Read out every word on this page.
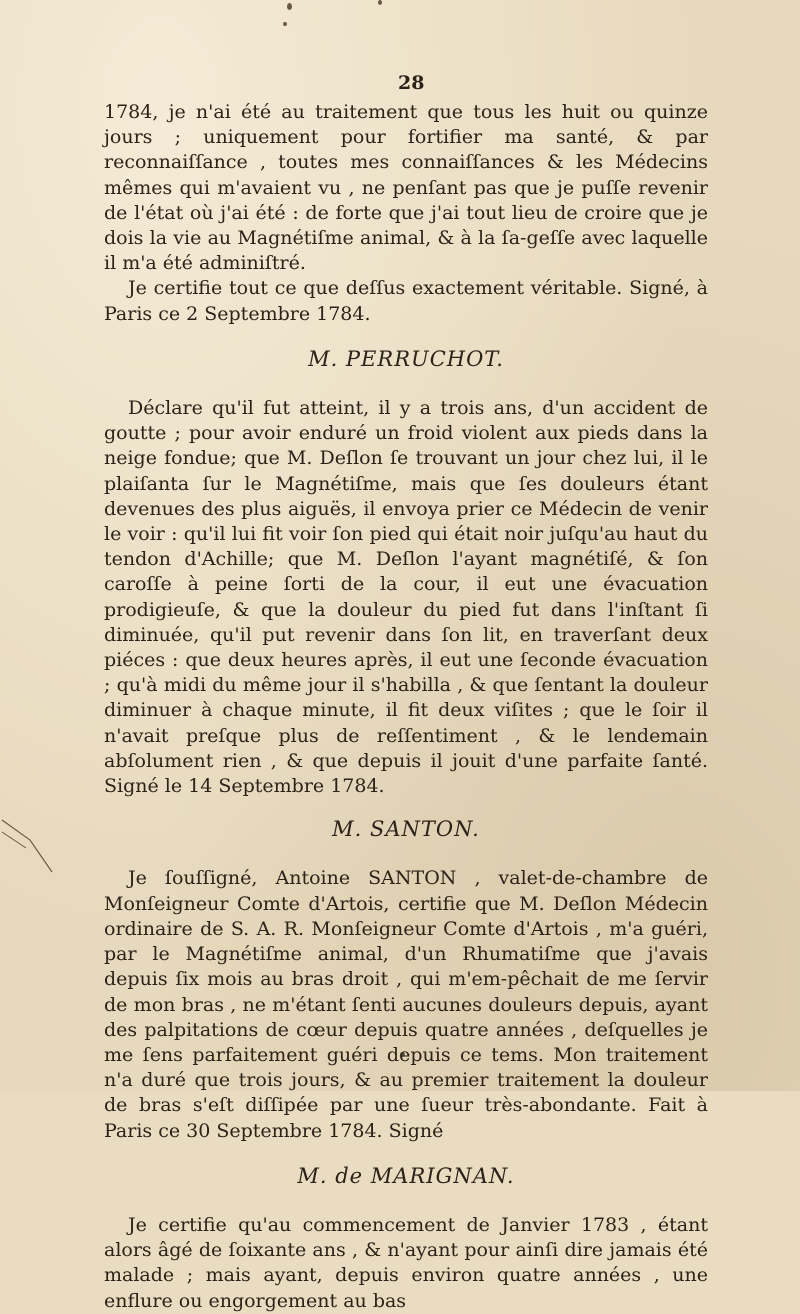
28

1784, je n'ai été au traitement que tous les huit ou quinze jours ; uniquement pour fortifier ma santé, & par reconnaiſſance , toutes mes connaiſſances & les Médecins mêmes qui m'avaient vu , ne penſant pas que je puſſe revenir de l'état où j'ai été : de forte que j'ai tout lieu de croire que je dois la vie au Magnétiſme animal, & à la ſa-geſſe avec laquelle il m'a été adminiſtré.

Je certifie tout ce que deſſus exactement véritable. Signé, à Paris ce 2 Septembre 1784.

M. PERRUCHOT.

Déclare qu'il fut atteint, il y a trois ans, d'un accident de goutte ; pour avoir enduré un froid violent aux pieds dans la neige fondue; que M. Deſlon ſe trouvant un jour chez lui, il le plaiſanta ſur le Magnétiſme, mais que ſes douleurs étant devenues des plus aiguës, il envoya prier ce Médecin de venir le voir : qu'il lui fit voir ſon pied qui était noir juſqu'au haut du tendon d'Achille; que M. Deſlon l'ayant magnétiſé, & ſon caroſſe à peine ſorti de la cour, il eut une évacuation prodigieuſe, & que la douleur du pied fut dans l'inſtant ſi diminuée, qu'il put revenir dans ſon lit, en traverſant deux piéces : que deux heures après, il eut une ſeconde évacuation ; qu'à midi du même jour il s'habilla , & que ſentant la douleur diminuer à chaque minute, il fit deux viſites ; que le ſoir il n'avait preſque plus de reſſentiment , & le lendemain abſolument rien , & que depuis il jouit d'une parfaite ſanté. Signé le 14 Septembre 1784.

M. SANTON.

Je ſouſſigné, Antoine SANTON , valet-de-chambre de Monſeigneur Comte d'Artois, certifie que M. Deſlon Médecin ordinaire de S. A. R. Monſeigneur Comte d'Artois , m'a guéri, par le Magnétiſme animal, d'un Rhumatiſme que j'avais depuis ſix mois au bras droit , qui m'em-pêchait de me ſervir de mon bras , ne m'étant ſenti aucunes douleurs depuis, ayant des palpitations de cœur depuis quatre années , deſquelles je me ſens parfaitement guéri depuis ce tems. Mon traitement n'a duré que trois jours, & au premier traitement la douleur de bras s'eſt diſſipée par une ſueur très-abondante. Fait à Paris ce 30 Septembre 1784. Signé

M. de MARIGNAN.

Je certifie qu'au commencement de Janvier 1783 , étant alors âgé de ſoixante ans , & n'ayant pour ainſi dire jamais été malade ; mais ayant, depuis environ quatre années , une enflure ou engorgement au bas
